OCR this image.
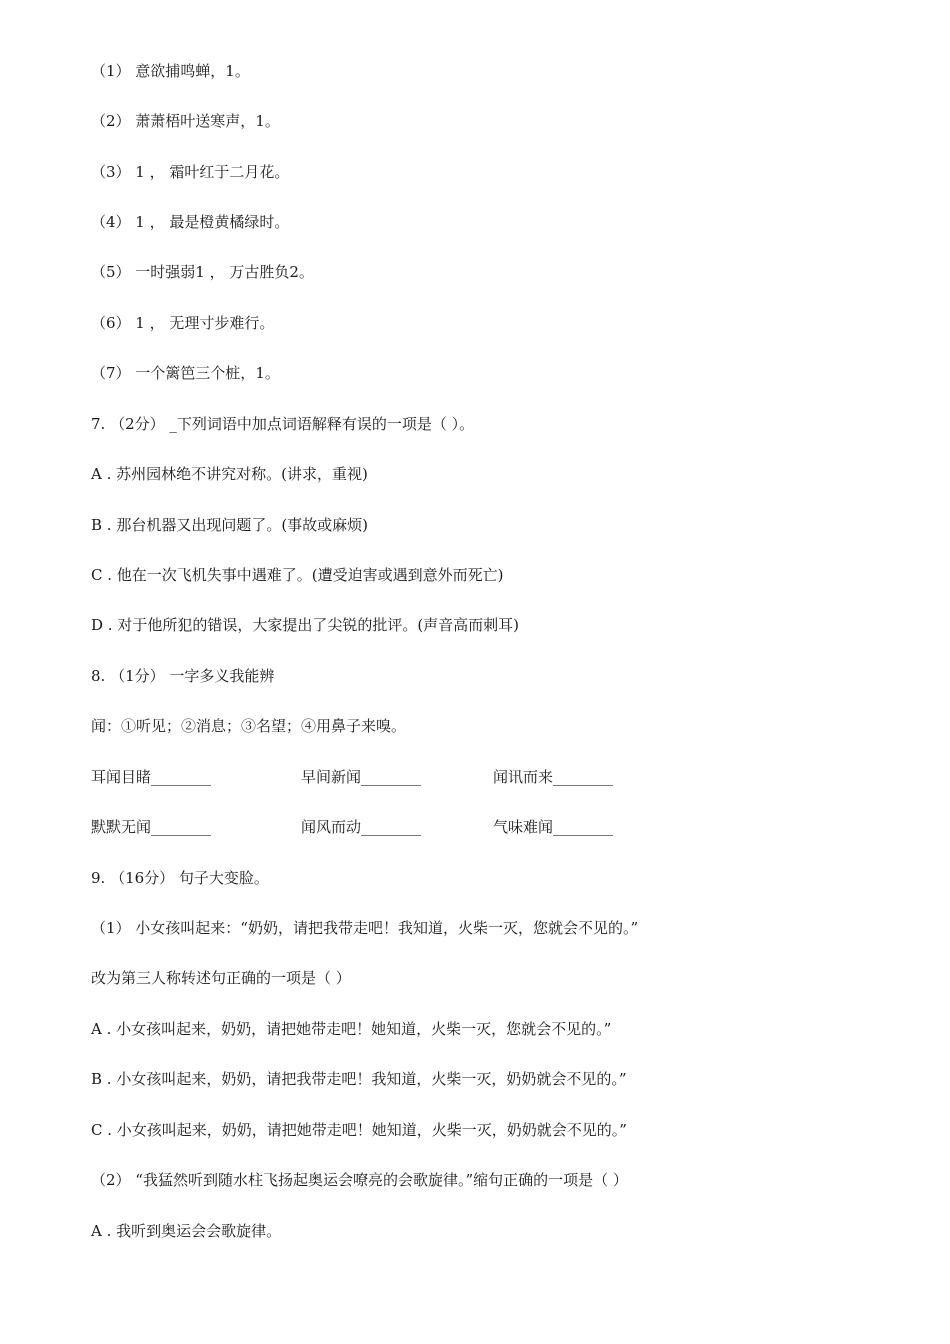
（1） 意欲捕鸣蝉，1。
（2） 萧萧梧叶送寒声，1。
（3） 1 ， 霜叶红于二月花。
（4） 1 ， 最是橙黄橘绿时。
（5） 一时强弱1 ， 万古胜负2。
（6） 1 ， 无理寸步难行。
（7） 一个篱笆三个桩，1。
7. （2分） _下列词语中加点词语解释有误的一项是（ ）。
A . 苏州园林绝不讲究对称。(讲求，重视)
B . 那台机器又出现问题了。(事故或麻烦)
C . 他在一次飞机失事中遇难了。(遭受迫害或遇到意外而死亡)
D . 对于他所犯的错误，大家提出了尖锐的批评。(声音高而刺耳)
8. （1分） 一字多义我能辨
闻：①听见；②消息；③名望；④用鼻子来嗅。
耳闻目睹________	早间新闻________	闻讯而来________
默默无闻________	闻风而动________	气味难闻________
9. （16分） 句子大变脸。
（1） 小女孩叫起来：“奶奶，请把我带走吧！我知道，火柴一灭，您就会不见的。”
改为第三人称转述句正确的一项是（ ）
A . 小女孩叫起来，奶奶，请把她带走吧！她知道，火柴一灭，您就会不见的。”
B . 小女孩叫起来，奶奶，请把我带走吧！我知道，火柴一灭，奶奶就会不见的。”
C . 小女孩叫起来，奶奶，请把她带走吧！她知道，火柴一灭，奶奶就会不见的。”
（2） “我猛然听到随水柱飞扬起奥运会嘹亮的会歌旋律。”缩句正确的一项是（ ）
A . 我听到奥运会会歌旋律。
